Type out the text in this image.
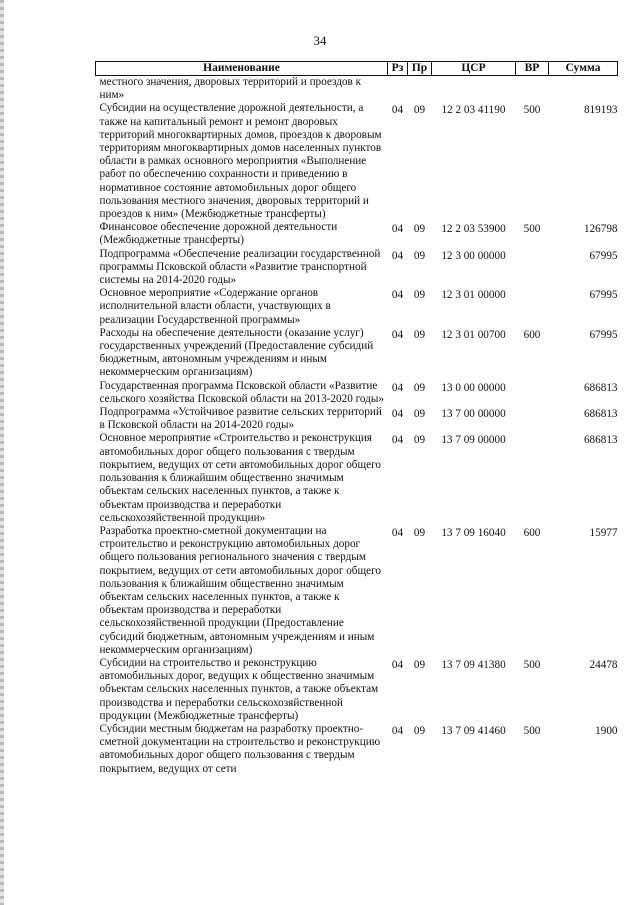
34
Наименование	Рз	Пр	ЦСР	ВР	Сумма
местного значения, дворовых территорий и проездов к ним»					
Субсидии на осуществление дорожной деятельности, а также на капитальный ремонт и ремонт дворовых территорий многоквартирных домов, проездов к дворовым территориям многоквартирных домов населенных пунктов области в рамках основного мероприятия «Выполнение работ по обеспечению сохранности и приведению в нормативное состояние автомобильных дорог общего пользования местного значения, дворовых территорий и проездов к ним» (Межбюджетные трансферты)	04	09	12 2 03 41190	500	819193
Финансовое обеспечение дорожной деятельности (Межбюджетные трансферты)	04	09	12 2 03 53900	500	126798
Подпрограмма «Обеспечение реализации государственной программы Псковской области «Развитие транспортной системы на 2014-2020 годы»	04	09	12 3 00 00000		67995
Основное мероприятие «Содержание органов исполнительной власти области, участвующих в реализации Государственной программы»	04	09	12 3 01 00000		67995
Расходы на обеспечение деятельности (оказание услуг) государственных учреждений (Предоставление субсидий бюджетным, автономным учреждениям и иным некоммерческим организациям)	04	09	12 3 01 00700	600	67995
Государственная программа Псковской области «Развитие сельского хозяйства Псковской области на 2013-2020 годы»	04	09	13 0 00 00000		686813
Подпрограмма «Устойчивое развитие сельских территорий в Псковской области на 2014-2020 годы»	04	09	13 7 00 00000		686813
Основное мероприятие «Строительство и реконструкция автомобильных дорог общего пользования с твердым покрытием, ведущих от сети автомобильных дорог общего пользования к ближайшим общественно значимым объектам сельских населенных пунктов, а также к объектам производства и переработки сельскохозяйственной продукции»	04	09	13 7 09 00000		686813
Разработка проектно-сметной документации на строительство и реконструкцию автомобильных дорог общего пользования регионального значения с твердым покрытием, ведущих от сети автомобильных дорог общего пользования к ближайшим общественно значимым объектам сельских населенных пунктов, а также к объектам производства и переработки сельскохозяйственной продукции (Предоставление субсидий бюджетным, автономным учреждениям и иным некоммерческим организациям)	04	09	13 7 09 16040	600	15977
Субсидии на строительство и реконструкцию автомобильных дорог, ведущих к общественно значимым объектам сельских населенных пунктов, а также объектам производства и переработки сельскохозяйственной продукции (Межбюджетные трансферты)	04	09	13 7 09 41380	500	24478
Субсидии местным бюджетам на разработку проектно-сметной документации на строительство и реконструкцию автомобильных дорог общего пользования с твердым покрытием, ведущих от сети	04	09	13 7 09 41460	500	1900
